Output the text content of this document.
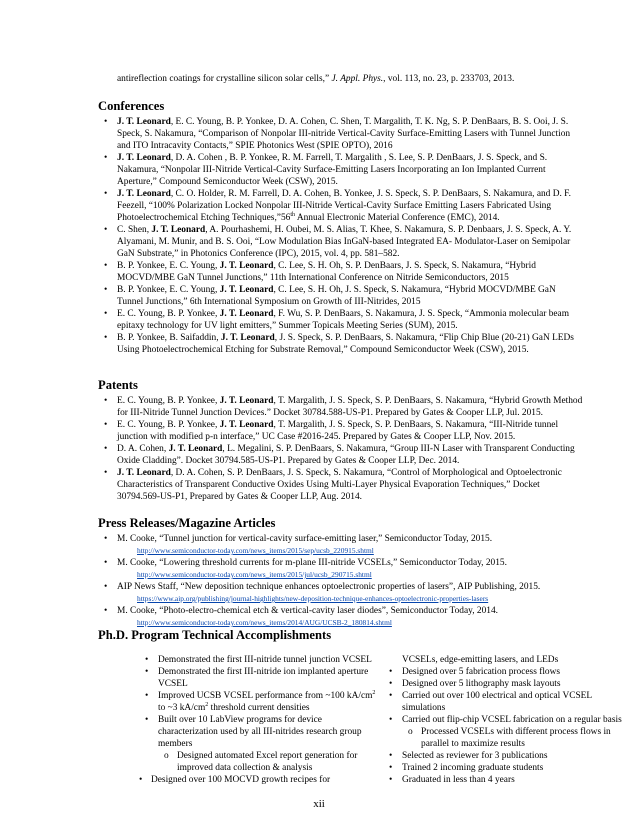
antireflection coatings for crystalline silicon solar cells,” J. Appl. Phys., vol. 113, no. 23, p. 233703, 2013.
Conferences
• J. T. Leonard, E. C. Young, B. P. Yonkee, D. A. Cohen, C. Shen, T. Margalith, T. K. Ng, S. P. DenBaars, B. S. Ooi, J. S. Speck, S. Nakamura, “Comparison of Nonpolar III-nitride Vertical-Cavity Surface-Emitting Lasers with Tunnel Junction and ITO Intracavity Contacts,” SPIE Photonics West (SPIE OPTO), 2016
• J. T. Leonard, D. A. Cohen , B. P. Yonkee, R. M. Farrell, T. Margalith , S. Lee, S. P. DenBaars, J. S. Speck, and S. Nakamura, “Nonpolar III-Nitride Vertical-Cavity Surface-Emitting Lasers Incorporating an Ion Implanted Current Aperture,” Compound Semiconductor Week (CSW), 2015.
• J. T. Leonard, C. O. Holder, R. M. Farrell, D. A. Cohen, B. Yonkee, J. S. Speck, S. P. DenBaars, S. Nakamura, and D. F. Feezell, “100% Polarization Locked Nonpolar III-Nitride Vertical-Cavity Surface Emitting Lasers Fabricated Using Photoelectrochemical Etching Techniques,”56th Annual Electronic Material Conference (EMC), 2014.
• C. Shen, J. T. Leonard, A. Pourhashemi, H. Oubei, M. S. Alias, T. Khee, S. Nakamura, S. P. Denbaars, J. S. Speck, A. Y. Alyamani, M. Munir, and B. S. Ooi, “Low Modulation Bias InGaN-based Integrated EA- Modulator-Laser on Semipolar GaN Substrate,” in Photonics Conference (IPC), 2015, vol. 4, pp. 581–582.
• B. P. Yonkee, E. C. Young, J. T. Leonard, C. Lee, S. H. Oh, S. P. DenBaars, J. S. Speck, S. Nakamura, “Hybrid MOCVD/MBE GaN Tunnel Junctions,” 11th International Conference on Nitride Semiconductors, 2015
• B. P. Yonkee, E. C. Young, J. T. Leonard, C. Lee, S. H. Oh, J. S. Speck, S. Nakamura, “Hybrid MOCVD/MBE GaN Tunnel Junctions,” 6th International Symposium on Growth of III-Nitrides, 2015
• E. C. Young, B. P. Yonkee, J. T. Leonard, F. Wu, S. P. DenBaars, S. Nakamura, J. S. Speck, “Ammonia molecular beam epitaxy technology for UV light emitters,” Summer Topicals Meeting Series (SUM), 2015.
• B. P. Yonkee, B. Saifaddin, J. T. Leonard, J. S. Speck, S. P. DenBaars, S. Nakamura, “Flip Chip Blue (20-21) GaN LEDs Using Photoelectrochemical Etching for Substrate Removal,” Compound Semiconductor Week (CSW), 2015.
Patents
• E. C. Young, B. P. Yonkee, J. T. Leonard, T. Margalith, J. S. Speck, S. P. DenBaars, S. Nakamura, “Hybrid Growth Method for III-Nitride Tunnel Junction Devices.” Docket 30784.588-US-P1. Prepared by Gates & Cooper LLP, Jul. 2015.
• E. C. Young, B. P. Yonkee, J. T. Leonard, T. Margalith, J. S. Speck, S. P. DenBaars, S. Nakamura, “III-Nitride tunnel junction with modified p-n interface,” UC Case #2016-245. Prepared by Gates & Cooper LLP, Nov. 2015.
• D. A. Cohen, J. T. Leonard, L. Megalini, S. P. DenBaars, S. Nakamura, “Group III-N Laser with Transparent Conducting Oxide Cladding”. Docket 30794.585-US-P1. Prepared by Gates & Cooper LLP, Dec. 2014.
• J. T. Leonard, D. A. Cohen, S. P. DenBaars, J. S. Speck, S. Nakamura, “Control of Morphological and Optoelectronic Characteristics of Transparent Conductive Oxides Using Multi-Layer Physical Evaporation Techniques,” Docket 30794.569-US-P1, Prepared by Gates & Cooper LLP, Aug. 2014.
Press Releases/Magazine Articles
• M. Cooke, “Tunnel junction for vertical-cavity surface-emitting laser,” Semiconductor Today, 2015.
http://www.semiconductor-today.com/news_items/2015/sep/ucsb_220915.shtml
• M. Cooke, “Lowering threshold currents for m-plane III-nitride VCSELs,” Semiconductor Today, 2015.
http://www.semiconductor-today.com/news_items/2015/jul/ucsb_290715.shtml
• AIP News Staff, “New deposition technique enhances optoelectronic properties of lasers”, AIP Publishing, 2015.
https://www.aip.org/publishing/journal-highlights/new-deposition-technique-enhances-optoelectronic-properties-lasers
• M. Cooke, “Photo-electro-chemical etch & vertical-cavity laser diodes”, Semiconductor Today, 2014.
http://www.semiconductor-today.com/news_items/2014/AUG/UCSB-2_180814.shtml
Ph.D. Program Technical Accomplishments
• Demonstrated the first III-nitride tunnel junction VCSEL
• Demonstrated the first III-nitride ion implanted aperture VCSEL
• Improved UCSB VCSEL performance from ~100 $kA/cm^2$ to ~3 $kA/cm^2$ threshold current densities
• Built over 10 LabView programs for device characterization used by all III-nitrides research group members
o Designed automated Excel report generation for improved data collection & analysis
• Designed over 100 MOCVD growth recipes for
VCSELs, edge-emitting lasers, and LEDs
• Designed over 5 fabrication process flows
• Designed over 5 lithography mask layouts
• Carried out over 100 electrical and optical VCSEL simulations
• Carried out flip-chip VCSEL fabrication on a regular basis
o Processed VCSELs with different process flows in parallel to maximize results
• Selected as reviewer for 3 publications
• Trained 2 incoming graduate students
• Graduated in less than 4 years
xii
